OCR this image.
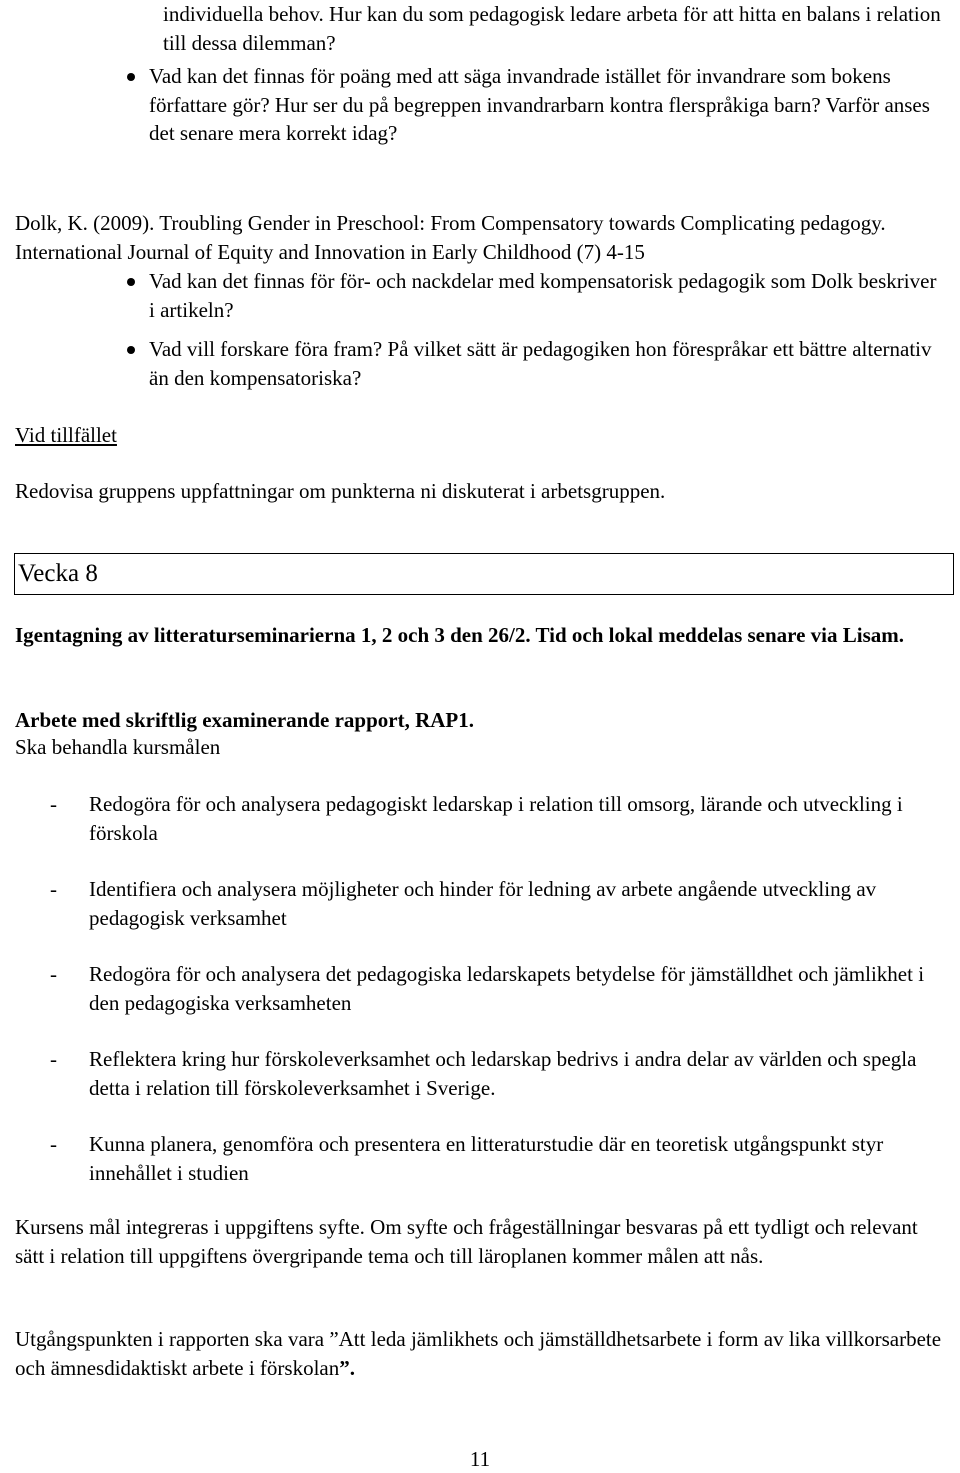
individuella behov. Hur kan du som pedagogisk ledare arbeta för att hitta en balans i relation till dessa dilemman?

Vad kan det finnas för poäng med att säga invandrade istället för invandrare som bokens författare gör? Hur ser du på begreppen invandrarbarn kontra flerspråkiga barn? Varför anses det senare mera korrekt idag?

Dolk, K. (2009). Troubling Gender in Preschool: From Compensatory towards Complicating pedagogy. International Journal of Equity and Innovation in Early Childhood (7) 4-15

Vad kan det finnas för för- och nackdelar med kompensatorisk pedagogik som Dolk beskriver i artikeln?
Vad vill forskare föra fram? På vilket sätt är pedagogiken hon förespråkar ett bättre alternativ än den kompensatoriska?

Vid tillfället

Redovisa gruppens uppfattningar om punkterna ni diskuterat i arbetsgruppen.

Vecka 8

Igentagning av litteraturseminarierna 1, 2 och 3 den 26/2. Tid och lokal meddelas senare via Lisam.

Arbete med skriftlig examinerande rapport, RAP1.

Ska behandla kursmålen

- Redogöra för och analysera pedagogiskt ledarskap i relation till omsorg, lärande och utveckling i förskola
- Identifiera och analysera möjligheter och hinder för ledning av arbete angående utveckling av pedagogisk verksamhet
- Redogöra för och analysera det pedagogiska ledarskapets betydelse för jämställdhet och jämlikhet i den pedagogiska verksamheten
- Reflektera kring hur förskoleverksamhet och ledarskap bedrivs i andra delar av världen och spegla detta i relation till förskoleverksamhet i Sverige.
- Kunna planera, genomföra och presentera en litteraturstudie där en teoretisk utgångspunkt styr innehållet i studien

Kursens mål integreras i uppgiftens syfte. Om syfte och frågeställningar besvaras på ett tydligt och relevant sätt i relation till uppgiftens övergripande tema och till läroplanen kommer målen att nås.

Utgångspunkten i rapporten ska vara ”Att leda jämlikhets och jämställdhetsarbete i form av lika villkorsarbete och ämnesdidaktiskt arbete i förskolan”.

11
